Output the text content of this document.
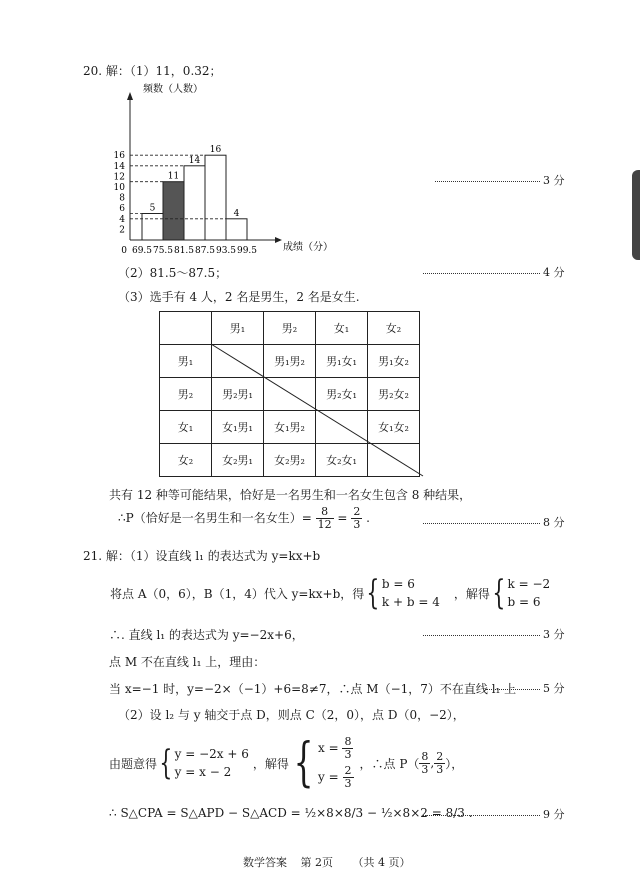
20. 解：（1）11，0.32；
频数（人数）
成绩（分）
2
4
6
8
10
12
14
16
0 69.5 75.5 81.5 87.5 93.5 99.5
5
11
14
16
4
3 分
（2）81.5～87.5；	4 分
（3）选手有 4 人，2 名是男生，2 名是女生.
	男₁	男₂	女₁	女₂
男₁		男₁男₂	男₁女₁	男₁女₂
男₂	男₂男₁		男₂女₁	男₂女₂
女₁	女₁男₁	女₁男₂		女₁女₂
女₂	女₂男₁	女₂男₂	女₂女₁	
共有 12 种等可能结果，恰好是一名男生和一名女生包含 8 种结果，
∴P（恰好是一名男生和一名女生）= $\frac{8}{12} = \frac{2}{3}$ .	8 分
21. 解：（1）设直线 l₁ 的表达式为 y=kx+b
将点 A（0，6），B（1，4）代入 y=kx+b，得 { b = 6
k + b = 4
，解得 { k = −2
b = 6
∴. 直线 l₁ 的表达式为 y=−2x+6，	3 分
点 M 不在直线 l₁ 上，理由：
当 x=−1 时，y=−2×（−1）+6=8≠7，∴点 M（−1，7）不在直线 l₁ 上	5 分
（2）设 l₂ 与 y 轴交于点 D，则点 C（2，0），点 D（0，−2），
由题意得 { y = −2x + 6
y = x − 2
，解得 { $x = \frac{8}{3}$
$y = \frac{2}{3}$
，∴点 $P( \frac{8}{3}$ , $\frac{2}{3}$ ），
∴ S△CPA = S△APD − S△ACD = ½×8×8/3 − ½×8×2 = 8/3 .	9 分
数学答案 第 2页 （共 4 页）
